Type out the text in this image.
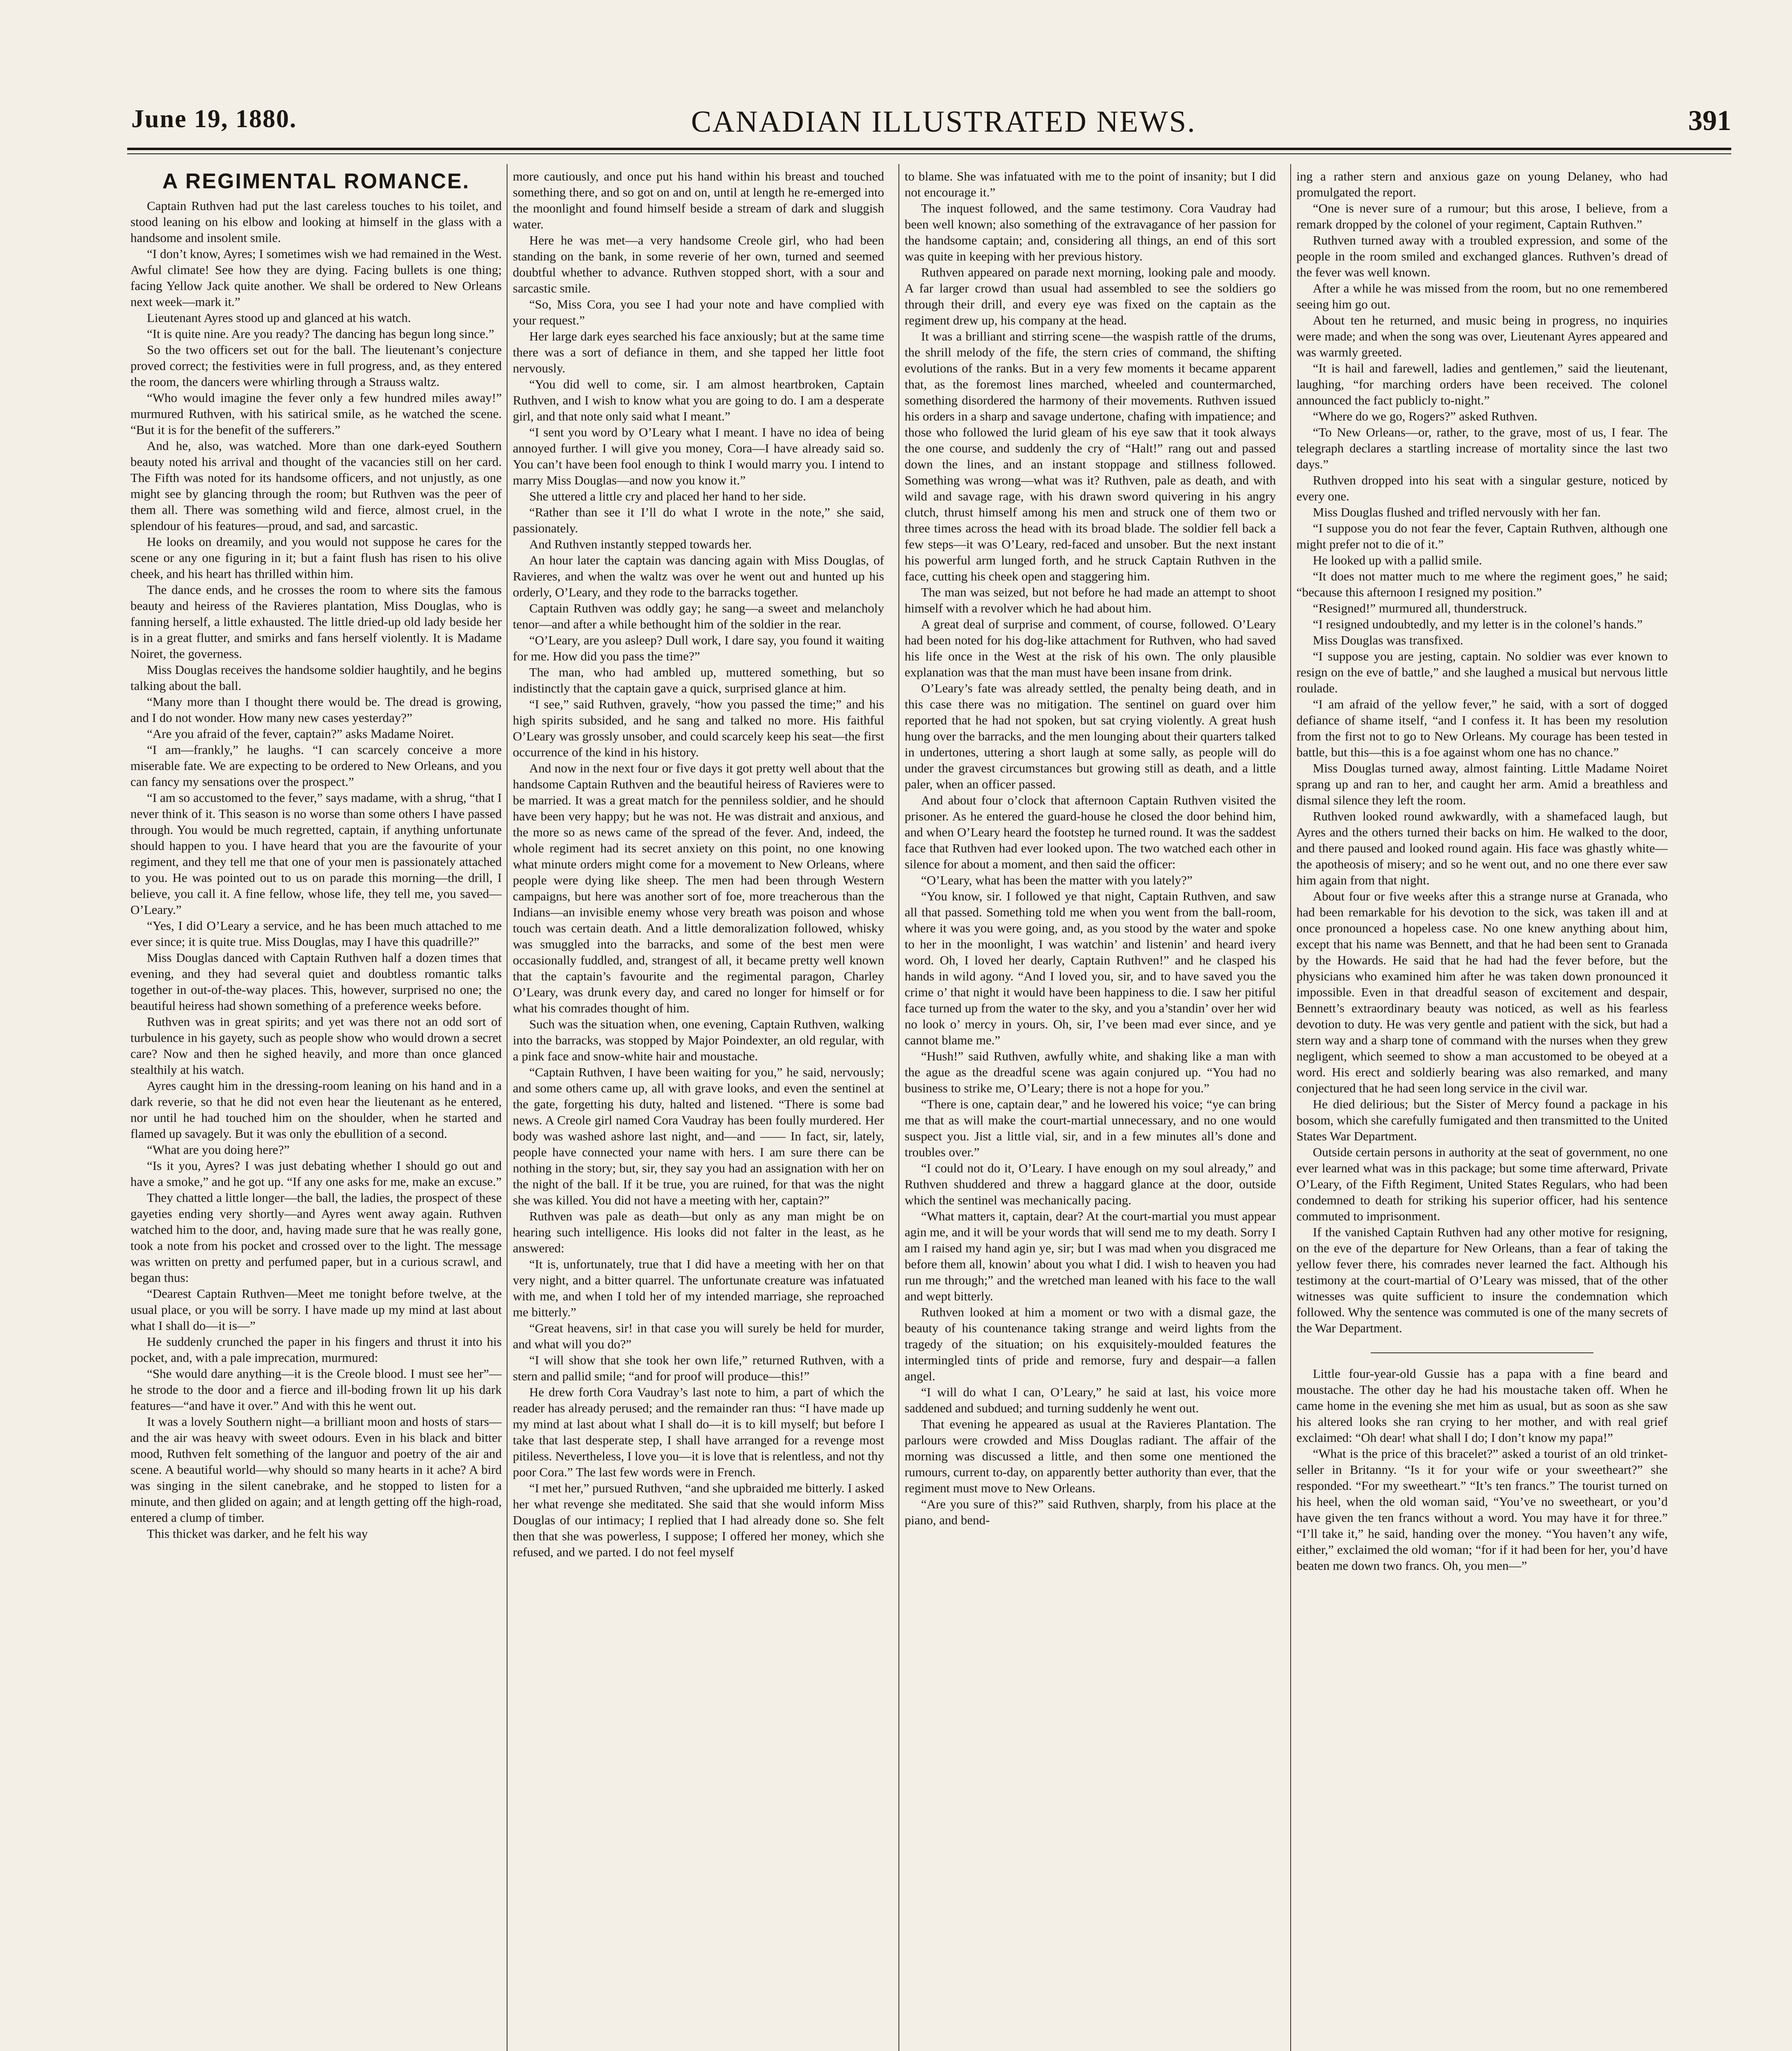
June 19, 1880.	CANADIAN ILLUSTRATED NEWS.	391
A REGIMENTAL ROMANCE.

Captain Ruthven had put the last careless touches to his toilet, and stood leaning on his elbow and looking at himself in the glass with a handsome and insolent smile.

“I don’t know, Ayres; I sometimes wish we had remained in the West. Awful climate! See how they are dying. Facing bullets is one thing; facing Yellow Jack quite another. We shall be ordered to New Orleans next week—mark it.”

Lieutenant Ayres stood up and glanced at his watch.

“It is quite nine. Are you ready? The dancing has begun long since.”

So the two officers set out for the ball. The lieutenant’s conjecture proved correct; the festivities were in full progress, and, as they entered the room, the dancers were whirling through a Strauss waltz.

“Who would imagine the fever only a few hundred miles away!” murmured Ruthven, with his satirical smile, as he watched the scene. “But it is for the benefit of the sufferers.”

And he, also, was watched. More than one dark-eyed Southern beauty noted his arrival and thought of the vacancies still on her card. The Fifth was noted for its handsome officers, and not unjustly, as one might see by glancing through the room; but Ruthven was the peer of them all. There was something wild and fierce, almost cruel, in the splendour of his features—proud, and sad, and sarcastic.

He looks on dreamily, and you would not suppose he cares for the scene or any one figuring in it; but a faint flush has risen to his olive cheek, and his heart has thrilled within him.

The dance ends, and he crosses the room to where sits the famous beauty and heiress of the Ravieres plantation, Miss Douglas, who is fanning herself, a little exhausted. The little dried-up old lady beside her is in a great flutter, and smirks and fans herself violently. It is Madame Noiret, the governess.

Miss Douglas receives the handsome soldier haughtily, and he begins talking about the ball.

“Many more than I thought there would be. The dread is growing, and I do not wonder. How many new cases yesterday?”

“Are you afraid of the fever, captain?” asks Madame Noiret.

“I am—frankly,” he laughs. “I can scarcely conceive a more miserable fate. We are expecting to be ordered to New Orleans, and you can fancy my sensations over the prospect.”

“I am so accustomed to the fever,” says madame, with a shrug, “that I never think of it. This season is no worse than some others I have passed through. You would be much regretted, captain, if anything unfortunate should happen to you. I have heard that you are the favourite of your regiment, and they tell me that one of your men is passionately attached to you. He was pointed out to us on parade this morning—the drill, I believe, you call it. A fine fellow, whose life, they tell me, you saved—O’Leary.”

“Yes, I did O’Leary a service, and he has been much attached to me ever since; it is quite true. Miss Douglas, may I have this quadrille?”

Miss Douglas danced with Captain Ruthven half a dozen times that evening, and they had several quiet and doubtless romantic talks together in out-of-the-way places. This, however, surprised no one; the beautiful heiress had shown something of a preference weeks before.

Ruthven was in great spirits; and yet was there not an odd sort of turbulence in his gayety, such as people show who would drown a secret care? Now and then he sighed heavily, and more than once glanced stealthily at his watch.

Ayres caught him in the dressing-room leaning on his hand and in a dark reverie, so that he did not even hear the lieutenant as he entered, nor until he had touched him on the shoulder, when he started and flamed up savagely. But it was only the ebullition of a second.

“What are you doing here?”

“Is it you, Ayres? I was just debating whether I should go out and have a smoke,” and he got up. “If any one asks for me, make an excuse.”

They chatted a little longer—the ball, the ladies, the prospect of these gayeties ending very shortly—and Ayres went away again. Ruthven watched him to the door, and, having made sure that he was really gone, took a note from his pocket and crossed over to the light. The message was written on pretty and perfumed paper, but in a curious scrawl, and began thus:

“Dearest Captain Ruthven—Meet me tonight before twelve, at the usual place, or you will be sorry. I have made up my mind at last about what I shall do—it is—”

He suddenly crunched the paper in his fingers and thrust it into his pocket, and, with a pale imprecation, murmured:

“She would dare anything—it is the Creole blood. I must see her”—he strode to the door and a fierce and ill-boding frown lit up his dark features—“and have it over.” And with this he went out.

It was a lovely Southern night—a brilliant moon and hosts of stars—and the air was heavy with sweet odours. Even in his black and bitter mood, Ruthven felt something of the languor and poetry of the air and scene. A beautiful world—why should so many hearts in it ache? A bird was singing in the silent canebrake, and he stopped to listen for a minute, and then glided on again; and at length getting off the high-road, entered a clump of timber.

This thicket was darker, and he felt his way

more cautiously, and once put his hand within his breast and touched something there, and so got on and on, until at length he re-emerged into the moonlight and found himself beside a stream of dark and sluggish water.

Here he was met—a very handsome Creole girl, who had been standing on the bank, in some reverie of her own, turned and seemed doubtful whether to advance. Ruthven stopped short, with a sour and sarcastic smile.

“So, Miss Cora, you see I had your note and have complied with your request.”

Her large dark eyes searched his face anxiously; but at the same time there was a sort of defiance in them, and she tapped her little foot nervously.

“You did well to come, sir. I am almost heartbroken, Captain Ruthven, and I wish to know what you are going to do. I am a desperate girl, and that note only said what I meant.”

“I sent you word by O’Leary what I meant. I have no idea of being annoyed further. I will give you money, Cora—I have already said so. You can’t have been fool enough to think I would marry you. I intend to marry Miss Douglas—and now you know it.”

She uttered a little cry and placed her hand to her side.

“Rather than see it I’ll do what I wrote in the note,” she said, passionately.

And Ruthven instantly stepped towards her.

An hour later the captain was dancing again with Miss Douglas, of Ravieres, and when the waltz was over he went out and hunted up his orderly, O’Leary, and they rode to the barracks together.

Captain Ruthven was oddly gay; he sang—a sweet and melancholy tenor—and after a while bethought him of the soldier in the rear.

“O’Leary, are you asleep? Dull work, I dare say, you found it waiting for me. How did you pass the time?”

The man, who had ambled up, muttered something, but so indistinctly that the captain gave a quick, surprised glance at him.

“I see,” said Ruthven, gravely, “how you passed the time;” and his high spirits subsided, and he sang and talked no more. His faithful O’Leary was grossly unsober, and could scarcely keep his seat—the first occurrence of the kind in his history.

And now in the next four or five days it got pretty well about that the handsome Captain Ruthven and the beautiful heiress of Ravieres were to be married. It was a great match for the penniless soldier, and he should have been very happy; but he was not. He was distrait and anxious, and the more so as news came of the spread of the fever. And, indeed, the whole regiment had its secret anxiety on this point, no one knowing what minute orders might come for a movement to New Orleans, where people were dying like sheep. The men had been through Western campaigns, but here was another sort of foe, more treacherous than the Indians—an invisible enemy whose very breath was poison and whose touch was certain death. And a little demoralization followed, whisky was smuggled into the barracks, and some of the best men were occasionally fuddled, and, strangest of all, it became pretty well known that the captain’s favourite and the regimental paragon, Charley O’Leary, was drunk every day, and cared no longer for himself or for what his comrades thought of him.

Such was the situation when, one evening, Captain Ruthven, walking into the barracks, was stopped by Major Poindexter, an old regular, with a pink face and snow-white hair and moustache.

“Captain Ruthven, I have been waiting for you,” he said, nervously; and some others came up, all with grave looks, and even the sentinel at the gate, forgetting his duty, halted and listened. “There is some bad news. A Creole girl named Cora Vaudray has been foully murdered. Her body was washed ashore last night, and—and —— In fact, sir, lately, people have connected your name with hers. I am sure there can be nothing in the story; but, sir, they say you had an assignation with her on the night of the ball. If it be true, you are ruined, for that was the night she was killed. You did not have a meeting with her, captain?”

Ruthven was pale as death—but only as any man might be on hearing such intelligence. His looks did not falter in the least, as he answered:

“It is, unfortunately, true that I did have a meeting with her on that very night, and a bitter quarrel. The unfortunate creature was infatuated with me, and when I told her of my intended marriage, she reproached me bitterly.”

“Great heavens, sir! in that case you will surely be held for murder, and what will you do?”

“I will show that she took her own life,” returned Ruthven, with a stern and pallid smile; “and for proof will produce—this!”

He drew forth Cora Vaudray’s last note to him, a part of which the reader has already perused; and the remainder ran thus: “I have made up my mind at last about what I shall do—it is to kill myself; but before I take that last desperate step, I shall have arranged for a revenge most pitiless. Nevertheless, I love you—it is love that is relentless, and not thy poor Cora.” The last few words were in French.

“I met her,” pursued Ruthven, “and she upbraided me bitterly. I asked her what revenge she meditated. She said that she would inform Miss Douglas of our intimacy; I replied that I had already done so. She felt then that she was powerless, I suppose; I offered her money, which she refused, and we parted. I do not feel myself

to blame. She was infatuated with me to the point of insanity; but I did not encourage it.”

The inquest followed, and the same testimony. Cora Vaudray had been well known; also something of the extravagance of her passion for the handsome captain; and, considering all things, an end of this sort was quite in keeping with her previous history.

Ruthven appeared on parade next morning, looking pale and moody. A far larger crowd than usual had assembled to see the soldiers go through their drill, and every eye was fixed on the captain as the regiment drew up, his company at the head.

It was a brilliant and stirring scene—the waspish rattle of the drums, the shrill melody of the fife, the stern cries of command, the shifting evolutions of the ranks. But in a very few moments it became apparent that, as the foremost lines marched, wheeled and countermarched, something disordered the harmony of their movements. Ruthven issued his orders in a sharp and savage undertone, chafing with impatience; and those who followed the lurid gleam of his eye saw that it took always the one course, and suddenly the cry of “Halt!” rang out and passed down the lines, and an instant stoppage and stillness followed. Something was wrong—what was it? Ruthven, pale as death, and with wild and savage rage, with his drawn sword quivering in his angry clutch, thrust himself among his men and struck one of them two or three times across the head with its broad blade. The soldier fell back a few steps—it was O’Leary, red-faced and unsober. But the next instant his powerful arm lunged forth, and he struck Captain Ruthven in the face, cutting his cheek open and staggering him.

The man was seized, but not before he had made an attempt to shoot himself with a revolver which he had about him.

A great deal of surprise and comment, of course, followed. O’Leary had been noted for his dog-like attachment for Ruthven, who had saved his life once in the West at the risk of his own. The only plausible explanation was that the man must have been insane from drink.

O’Leary’s fate was already settled, the penalty being death, and in this case there was no mitigation. The sentinel on guard over him reported that he had not spoken, but sat crying violently. A great hush hung over the barracks, and the men lounging about their quarters talked in undertones, uttering a short laugh at some sally, as people will do under the gravest circumstances but growing still as death, and a little paler, when an officer passed.

And about four o’clock that afternoon Captain Ruthven visited the prisoner. As he entered the guard-house he closed the door behind him, and when O’Leary heard the footstep he turned round. It was the saddest face that Ruthven had ever looked upon. The two watched each other in silence for about a moment, and then said the officer:

“O’Leary, what has been the matter with you lately?”

“You know, sir. I followed ye that night, Captain Ruthven, and saw all that passed. Something told me when you went from the ball-room, where it was you were going, and, as you stood by the water and spoke to her in the moonlight, I was watchin’ and listenin’ and heard ivery word. Oh, I loved her dearly, Captain Ruthven!” and he clasped his hands in wild agony. “And I loved you, sir, and to have saved you the crime o’ that night it would have been happiness to die. I saw her pitiful face turned up from the water to the sky, and you a’standin’ over her wid no look o’ mercy in yours. Oh, sir, I’ve been mad ever since, and ye cannot blame me.”

“Hush!” said Ruthven, awfully white, and shaking like a man with the ague as the dreadful scene was again conjured up. “You had no business to strike me, O’Leary; there is not a hope for you.”

“There is one, captain dear,” and he lowered his voice; “ye can bring me that as will make the court-martial unnecessary, and no one would suspect you. Jist a little vial, sir, and in a few minutes all’s done and troubles over.”

“I could not do it, O’Leary. I have enough on my soul already,” and Ruthven shuddered and threw a haggard glance at the door, outside which the sentinel was mechanically pacing.

“What matters it, captain, dear? At the court-martial you must appear agin me, and it will be your words that will send me to my death. Sorry I am I raised my hand agin ye, sir; but I was mad when you disgraced me before them all, knowin’ about you what I did. I wish to heaven you had run me through;” and the wretched man leaned with his face to the wall and wept bitterly.

Ruthven looked at him a moment or two with a dismal gaze, the beauty of his countenance taking strange and weird lights from the tragedy of the situation; on his exquisitely-moulded features the intermingled tints of pride and remorse, fury and despair—a fallen angel.

“I will do what I can, O’Leary,” he said at last, his voice more saddened and subdued; and turning suddenly he went out.

That evening he appeared as usual at the Ravieres Plantation. The parlours were crowded and Miss Douglas radiant. The affair of the morning was discussed a little, and then some one mentioned the rumours, current to-day, on apparently better authority than ever, that the regiment must move to New Orleans.

“Are you sure of this?” said Ruthven, sharply, from his place at the piano, and bend-

ing a rather stern and anxious gaze on young Delaney, who had promulgated the report.

“One is never sure of a rumour; but this arose, I believe, from a remark dropped by the colonel of your regiment, Captain Ruthven.”

Ruthven turned away with a troubled expression, and some of the people in the room smiled and exchanged glances. Ruthven’s dread of the fever was well known.

After a while he was missed from the room, but no one remembered seeing him go out.

About ten he returned, and music being in progress, no inquiries were made; and when the song was over, Lieutenant Ayres appeared and was warmly greeted.

“It is hail and farewell, ladies and gentlemen,” said the lieutenant, laughing, “for marching orders have been received. The colonel announced the fact publicly to-night.”

“Where do we go, Rogers?” asked Ruthven.

“To New Orleans—or, rather, to the grave, most of us, I fear. The telegraph declares a startling increase of mortality since the last two days.”

Ruthven dropped into his seat with a singular gesture, noticed by every one.

Miss Douglas flushed and trifled nervously with her fan.

“I suppose you do not fear the fever, Captain Ruthven, although one might prefer not to die of it.”

He looked up with a pallid smile.

“It does not matter much to me where the regiment goes,” he said; “because this afternoon I resigned my position.”

“Resigned!” murmured all, thunderstruck.

“I resigned undoubtedly, and my letter is in the colonel’s hands.”

Miss Douglas was transfixed.

“I suppose you are jesting, captain. No soldier was ever known to resign on the eve of battle,” and she laughed a musical but nervous little roulade.

“I am afraid of the yellow fever,” he said, with a sort of dogged defiance of shame itself, “and I confess it. It has been my resolution from the first not to go to New Orleans. My courage has been tested in battle, but this—this is a foe against whom one has no chance.”

Miss Douglas turned away, almost fainting. Little Madame Noiret sprang up and ran to her, and caught her arm. Amid a breathless and dismal silence they left the room.

Ruthven looked round awkwardly, with a shamefaced laugh, but Ayres and the others turned their backs on him. He walked to the door, and there paused and looked round again. His face was ghastly white—the apotheosis of misery; and so he went out, and no one there ever saw him again from that night.

About four or five weeks after this a strange nurse at Granada, who had been remarkable for his devotion to the sick, was taken ill and at once pronounced a hopeless case. No one knew anything about him, except that his name was Bennett, and that he had been sent to Granada by the Howards. He said that he had had the fever before, but the physicians who examined him after he was taken down pronounced it impossible. Even in that dreadful season of excitement and despair, Bennett’s extraordinary beauty was noticed, as well as his fearless devotion to duty. He was very gentle and patient with the sick, but had a stern way and a sharp tone of command with the nurses when they grew negligent, which seemed to show a man accustomed to be obeyed at a word. His erect and soldierly bearing was also remarked, and many conjectured that he had seen long service in the civil war.

He died delirious; but the Sister of Mercy found a package in his bosom, which she carefully fumigated and then transmitted to the United States War Department.

Outside certain persons in authority at the seat of government, no one ever learned what was in this package; but some time afterward, Private O’Leary, of the Fifth Regiment, United States Regulars, who had been condemned to death for striking his superior officer, had his sentence commuted to imprisonment.

If the vanished Captain Ruthven had any other motive for resigning, on the eve of the departure for New Orleans, than a fear of taking the yellow fever there, his comrades never learned the fact. Although his testimony at the court-martial of O’Leary was missed, that of the other witnesses was quite sufficient to insure the condemnation which followed. Why the sentence was commuted is one of the many secrets of the War Department.

Little four-year-old Gussie has a papa with a fine beard and moustache. The other day he had his moustache taken off. When he came home in the evening she met him as usual, but as soon as she saw his altered looks she ran crying to her mother, and with real grief exclaimed: “Oh dear! what shall I do; I don’t know my papa!”

“What is the price of this bracelet?” asked a tourist of an old trinket-seller in Britanny. “Is it for your wife or your sweetheart?” she responded. “For my sweetheart.” “It’s ten francs.” The tourist turned on his heel, when the old woman said, “You’ve no sweetheart, or you’d have given the ten francs without a word. You may have it for three.” “I’ll take it,” he said, handing over the money. “You haven’t any wife, either,” exclaimed the old woman; “for if it had been for her, you’d have beaten me down two francs. Oh, you men—”
